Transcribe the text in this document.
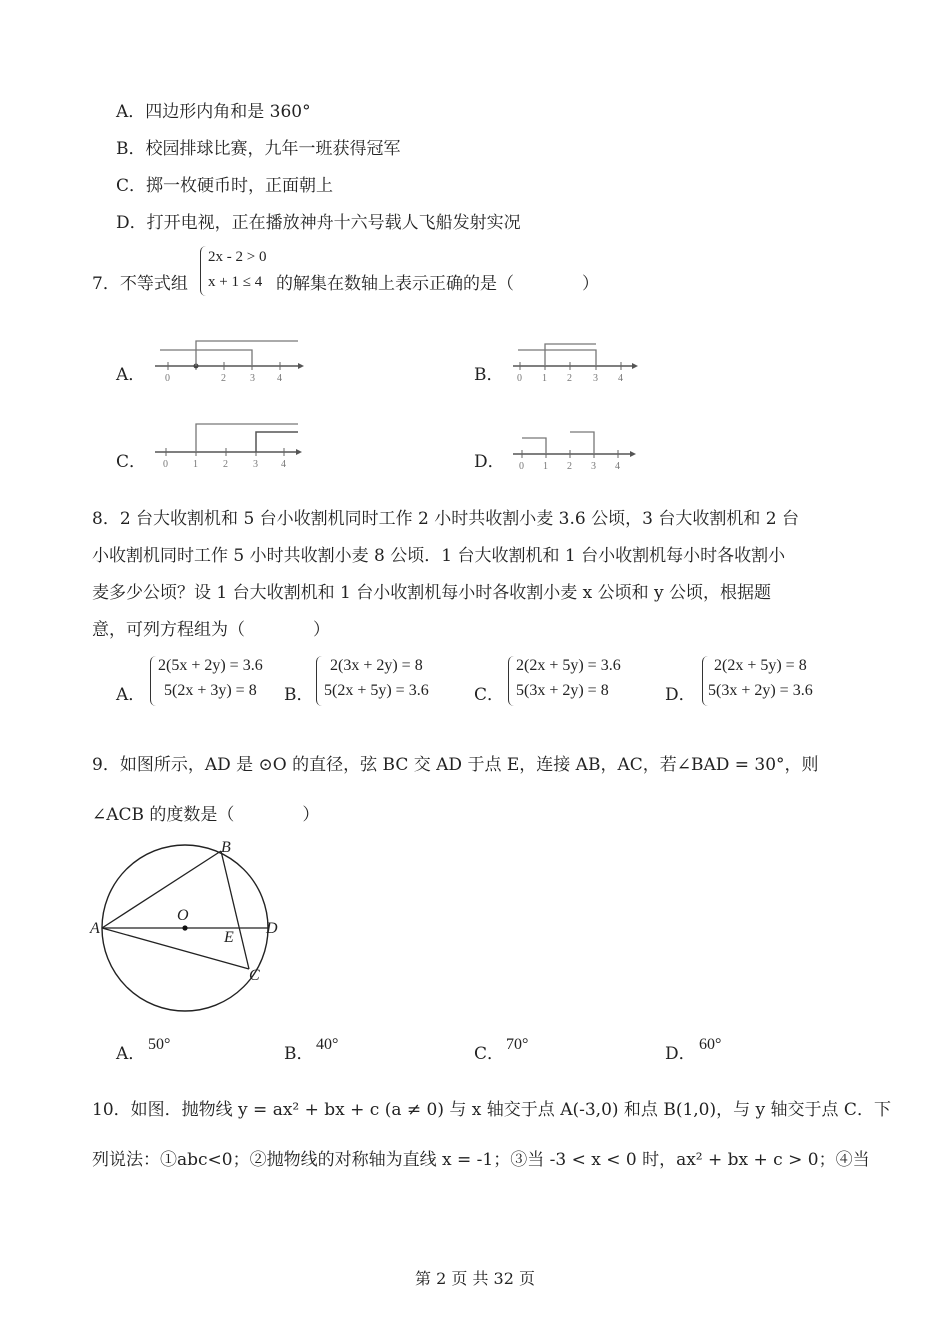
A．四边形内角和是 360°
B．校园排球比赛，九年一班获得冠军
C．掷一枚硬币时，正面朝上
D．打开电视，正在播放神舟十六号载人飞船发射实况
7．不等式组
2x - 2 > 0
x + 1 ≤ 4 的解集在数轴上表示正确的是（　　　　）
A．	B．
C．	D．
0	2 3 4	0 1 2 3 4
0	1	2	3 4	0 1 2 3 4
8．2 台大收割机和 5 台小收割机同时工作 2 小时共收割小麦 3.6 公顷，3 台大收割机和 2 台
小收割机同时工作 5 小时共收割小麦 8 公顷．1 台大收割机和 1 台小收割机每小时各收割小
麦多少公顷？设 1 台大收割机和 1 台小收割机每小时各收割小麦 x 公顷和 y 公顷，根据题
意，可列方程组为（　　　　）
A．
2(5x + 2y) = 3.6
5(2x + 3y) = 8 B．
2(3x + 2y) = 8
5(2x + 5y) = 3.6	C．
2(2x + 5y) = 3.6
5(3x + 2y) = 8	D．
2(2x + 5y) = 8
5(3x + 2y) = 3.6
9．如图所示，AD 是 ⊙O 的直径，弦 BC 交 AD 于点 E，连接 AB，AC，若∠BAD = 30°，则
∠ACB 的度数是（　　　　）
A
B
C
D
E
O
A． 50°	B． 40°	C． 70°	D． 60°
10．如图．抛物线 y = ax² + bx + c (a ≠ 0) 与 x 轴交于点 A(-3,0) 和点 B(1,0)，与 y 轴交于点 C．下
列说法：①abc<0；②抛物线的对称轴为直线 x = -1；③当 -3 < x < 0 时，ax² + bx + c > 0；④当
第 2 页 共 32 页
